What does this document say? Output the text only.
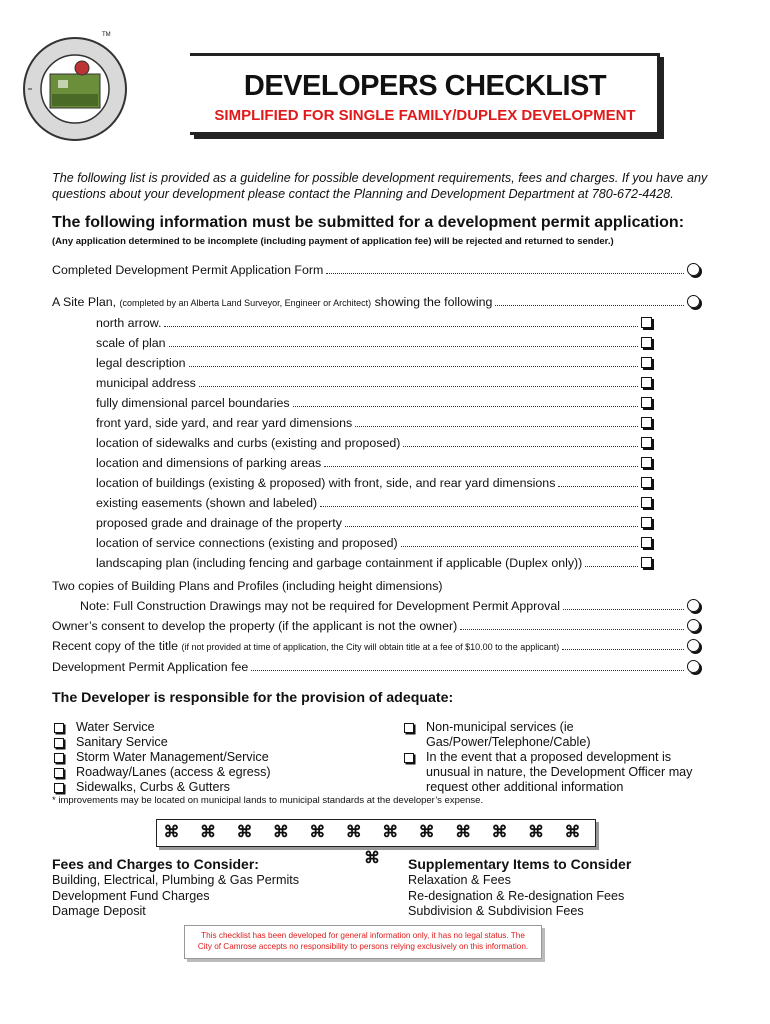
TM
DEVELOPERS CHECKLIST
SIMPLIFIED FOR SINGLE FAMILY/DUPLEX DEVELOPMENT
The following list is provided as a guideline for possible development requirements, fees and charges. If you have any questions about your development please contact the Planning and Development Department at 780-672-4428.
The following information must be submitted for a development permit application:
(Any application determined to be incomplete (including payment of application fee) will be rejected and returned to sender.)
Completed Development Permit Application Form
A Site Plan, (completed by an Alberta Land Surveyor, Engineer or Architect) showing the following
north arrow.
scale of plan
legal description
municipal address
fully dimensional parcel boundaries
front yard, side yard, and rear yard dimensions
location of sidewalks and curbs (existing and proposed)
location and dimensions of parking areas
location of buildings (existing & proposed) with front, side, and rear yard dimensions
existing easements (shown and labeled)
proposed grade and drainage of the property
location of service connections (existing and proposed)
landscaping plan (including fencing and garbage containment if applicable (Duplex only))
Two copies of Building Plans and Profiles (including height dimensions)
Note: Full Construction Drawings may not be required for Development Permit Approval
Owner’s consent to develop the property (if the applicant is not the owner)
Recent copy of the title (if not provided at time of application, the City will obtain title at a fee of $10.00 to the applicant)
Development Permit Application fee
The Developer is responsible for the provision of adequate:
Water Service
Sanitary Service
Storm Water Management/Service
Roadway/Lanes (access & egress)
Sidewalks, Curbs & Gutters
Non-municipal services (ie
Gas/Power/Telephone/Cable)
In the event that a proposed development is
unusual in nature, the Development Officer may
request other additional information
* improvements may be located on municipal lands to municipal standards at the developer’s expense.
⌘ ⌘ ⌘ ⌘ ⌘ ⌘ ⌘ ⌘ ⌘ ⌘ ⌘ ⌘ ⌘
Fees and Charges to Consider:
Building, Electrical, Plumbing & Gas Permits
Development Fund Charges
Damage Deposit
Supplementary Items to Consider
Relaxation & Fees
Re-designation & Re-designation Fees
Subdivision & Subdivision Fees
This checklist has been developed for general information only, it has no legal status. The
City of Camrose accepts no responsibility to persons relying exclusively on this information.
